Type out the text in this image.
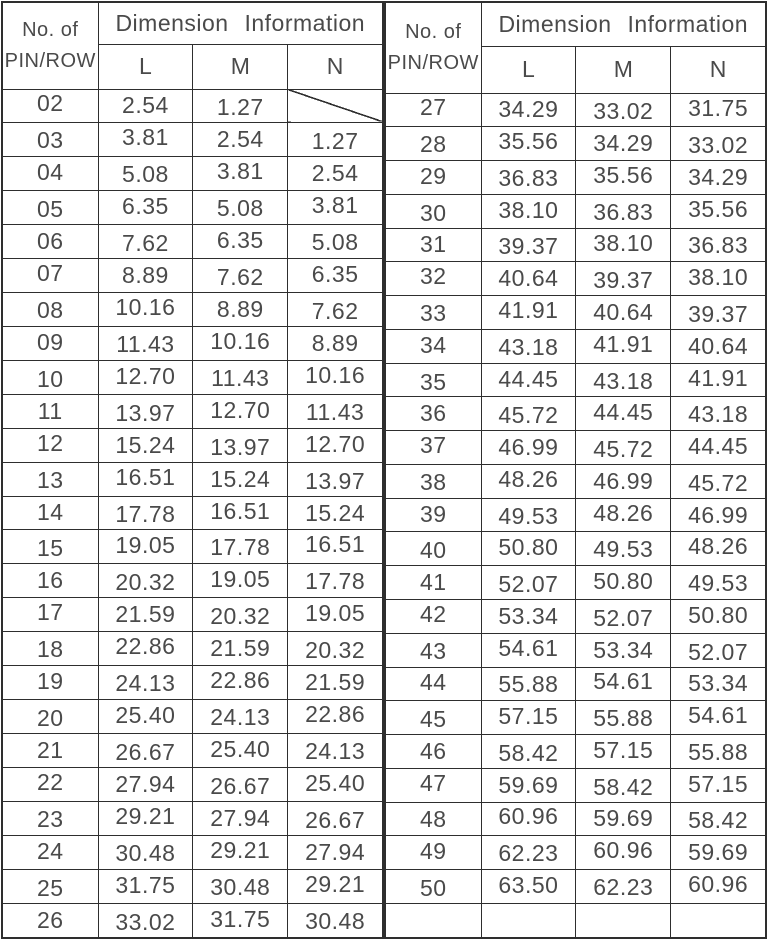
No. of
PIN/ROW	Dimension Information		
	L	M	N
02	2.54	1.27	
03	3.81	2.54	1.27
04	5.08	3.81	2.54
05	6.35	5.08	3.81
06	7.62	6.35	5.08
07	8.89	7.62	6.35
08	10.16	8.89	7.62
09	11.43	10.16	8.89
10	12.70	11.43	10.16
11	13.97	12.70	11.43
12	15.24	13.97	12.70
13	16.51	15.24	13.97
14	17.78	16.51	15.24
15	19.05	17.78	16.51
16	20.32	19.05	17.78
17	21.59	20.32	19.05
18	22.86	21.59	20.32
19	24.13	22.86	21.59
20	25.40	24.13	22.86
21	26.67	25.40	24.13
22	27.94	26.67	25.40
23	29.21	27.94	26.67
24	30.48	29.21	27.94
25	31.75	30.48	29.21
26	33.02	31.75	30.48
No. of
PIN/ROW	Dimension Information		
	L	M	N
27	34.29	33.02	31.75
28	35.56	34.29	33.02
29	36.83	35.56	34.29
30	38.10	36.83	35.56
31	39.37	38.10	36.83
32	40.64	39.37	38.10
33	41.91	40.64	39.37
34	43.18	41.91	40.64
35	44.45	43.18	41.91
36	45.72	44.45	43.18
37	46.99	45.72	44.45
38	48.26	46.99	45.72
39	49.53	48.26	46.99
40	50.80	49.53	48.26
41	52.07	50.80	49.53
42	53.34	52.07	50.80
43	54.61	53.34	52.07
44	55.88	54.61	53.34
45	57.15	55.88	54.61
46	58.42	57.15	55.88
47	59.69	58.42	57.15
48	60.96	59.69	58.42
49	62.23	60.96	59.69
50	63.50	62.23	60.96
